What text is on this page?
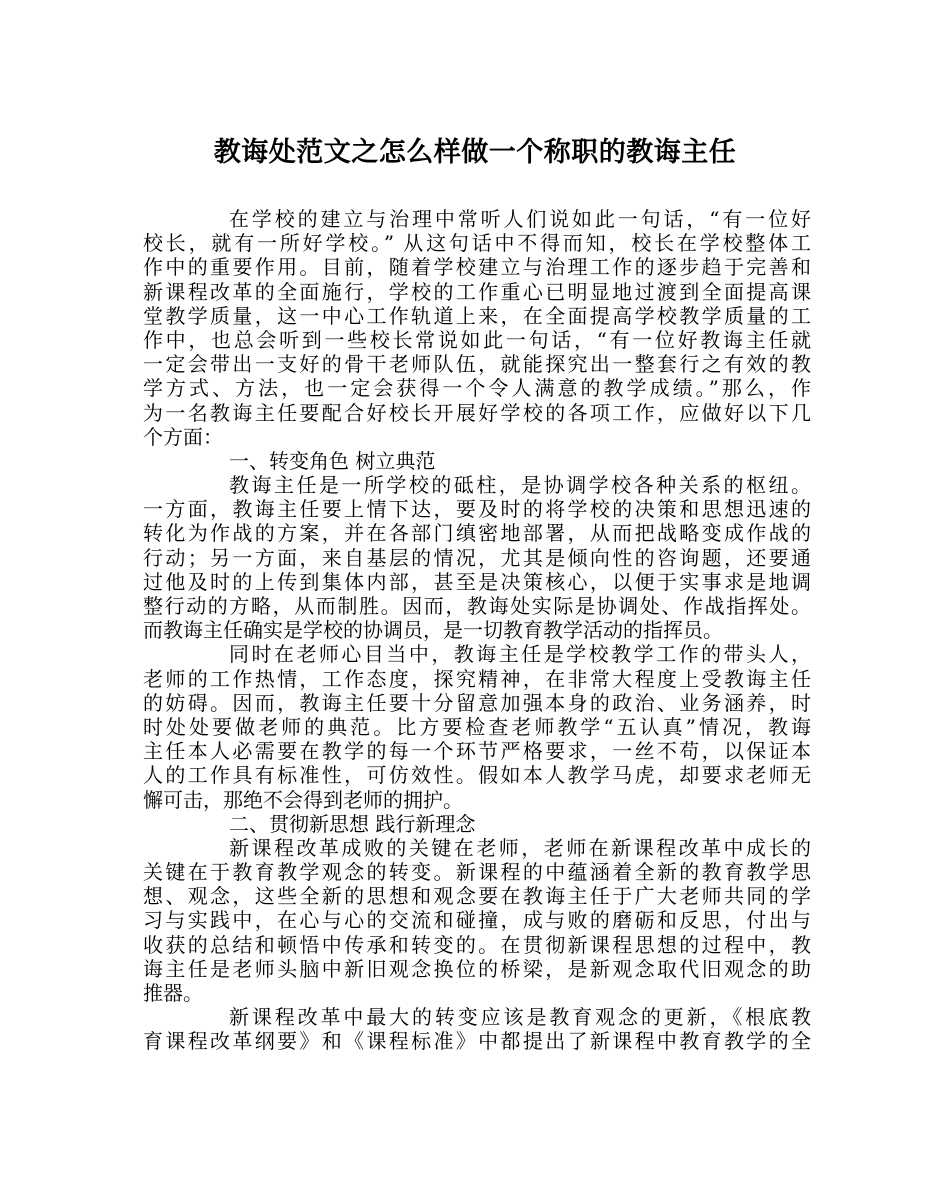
教诲处范文之怎么样做一个称职的教诲主任
在学校的建立与治理中常听人们说如此一句话，“有一位好
校长，就有一所好学校。” 从这句话中不得而知，校长在学校整体工
作中的重要作用。目前，随着学校建立与治理工作的逐步趋于完善和
新课程改革的全面施行，学校的工作重心已明显地过渡到全面提高课
堂教学质量，这一中心工作轨道上来，在全面提高学校教学质量的工
作中，也总会听到一些校长常说如此一句话，“有一位好教诲主任就
一定会带出一支好的骨干老师队伍，就能探究出一整套行之有效的教
学方式、方法，也一定会获得一个令人满意的教学成绩。”那么，作
为一名教诲主任要配合好校长开展好学校的各项工作，应做好以下几
个方面：
一、转变角色 树立典范
教诲主任是一所学校的砥柱，是协调学校各种关系的枢纽。
一方面，教诲主任要上情下达，要及时的将学校的决策和思想迅速的
转化为作战的方案，并在各部门缜密地部署，从而把战略变成作战的
行动；另一方面，来自基层的情况，尤其是倾向性的咨询题，还要通
过他及时的上传到集体内部，甚至是决策核心，以便于实事求是地调
整行动的方略，从而制胜。因而，教诲处实际是协调处、作战指挥处。
而教诲主任确实是学校的协调员，是一切教育教学活动的指挥员。
同时在老师心目当中，教诲主任是学校教学工作的带头人，
老师的工作热情，工作态度，探究精神，在非常大程度上受教诲主任
的妨碍。因而，教诲主任要十分留意加强本身的政治、业务涵养，时
时处处要做老师的典范。比方要检查老师教学“五认真”情况，教诲
主任本人必需要在教学的每一个环节严格要求，一丝不苟，以保证本
人的工作具有标准性，可仿效性。假如本人教学马虎，却要求老师无
懈可击，那绝不会得到老师的拥护。
二、贯彻新思想 践行新理念
新课程改革成败的关键在老师，老师在新课程改革中成长的
关键在于教育教学观念的转变。新课程的中蕴涵着全新的教育教学思
想、观念，这些全新的思想和观念要在教诲主任于广大老师共同的学
习与实践中，在心与心的交流和碰撞，成与败的磨砺和反思，付出与
收获的总结和顿悟中传承和转变的。在贯彻新课程思想的过程中，教
诲主任是老师头脑中新旧观念换位的桥梁，是新观念取代旧观念的助
推器。
新课程改革中最大的转变应该是教育观念的更新，《根底教
育课程改革纲要》和《课程标准》中都提出了新课程中教育教学的全
